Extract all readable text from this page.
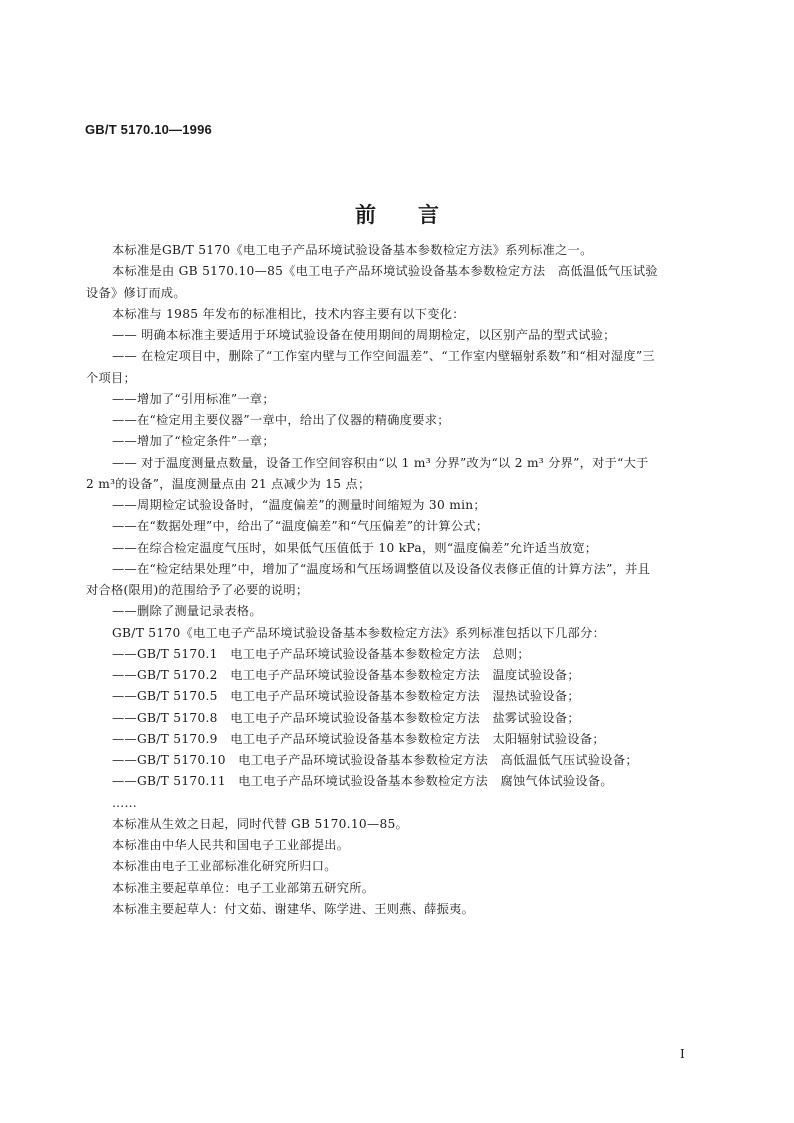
GB/T 5170.10—1996
前 言
本标准是GB/T 5170《电工电子产品环境试验设备基本参数检定方法》系列标准之一。
本标准是由 GB 5170.10—85《电工电子产品环境试验设备基本参数检定方法　高低温低气压试验
设备》修订而成。
本标准与 1985 年发布的标准相比，技术内容主要有以下变化：
—— 明确本标准主要适用于环境试验设备在使用期间的周期检定，以区别产品的型式试验；
—— 在检定项目中，删除了“工作室内壁与工作空间温差”、“工作室内壁辐射系数”和“相对湿度”三
个项目；
——增加了“引用标准”一章；
——在“检定用主要仪器”一章中，给出了仪器的精确度要求；
——增加了“检定条件”一章；
—— 对于温度测量点数量，设备工作空间容积由“以 1 m³ 分界”改为“以 2 m³ 分界”，对于“大于
2 m³的设备”，温度测量点由 21 点减少为 15 点；
——周期检定试验设备时，“温度偏差”的测量时间缩短为 30 min；
——在“数据处理”中，给出了“温度偏差”和“气压偏差”的计算公式；
——在综合检定温度气压时，如果低气压值低于 10 kPa，则“温度偏差”允许适当放宽；
——在“检定结果处理”中，增加了“温度场和气压场调整值以及设备仪表修正值的计算方法”，并且
对合格(限用)的范围给予了必要的说明；
——删除了测量记录表格。
GB/T 5170《电工电子产品环境试验设备基本参数检定方法》系列标准包括以下几部分：
——GB/T 5170.1　电工电子产品环境试验设备基本参数检定方法　总则；
——GB/T 5170.2　电工电子产品环境试验设备基本参数检定方法　温度试验设备；
——GB/T 5170.5　电工电子产品环境试验设备基本参数检定方法　湿热试验设备；
——GB/T 5170.8　电工电子产品环境试验设备基本参数检定方法　盐雾试验设备；
——GB/T 5170.9　电工电子产品环境试验设备基本参数检定方法　太阳辐射试验设备；
——GB/T 5170.10　电工电子产品环境试验设备基本参数检定方法　高低温低气压试验设备；
——GB/T 5170.11　电工电子产品环境试验设备基本参数检定方法　腐蚀气体试验设备。
……
本标准从生效之日起，同时代替 GB 5170.10—85。
本标准由中华人民共和国电子工业部提出。
本标准由电子工业部标准化研究所归口。
本标准主要起草单位：电子工业部第五研究所。
本标准主要起草人：付文茹、谢建华、陈学进、王则燕、薛振夷。
I
